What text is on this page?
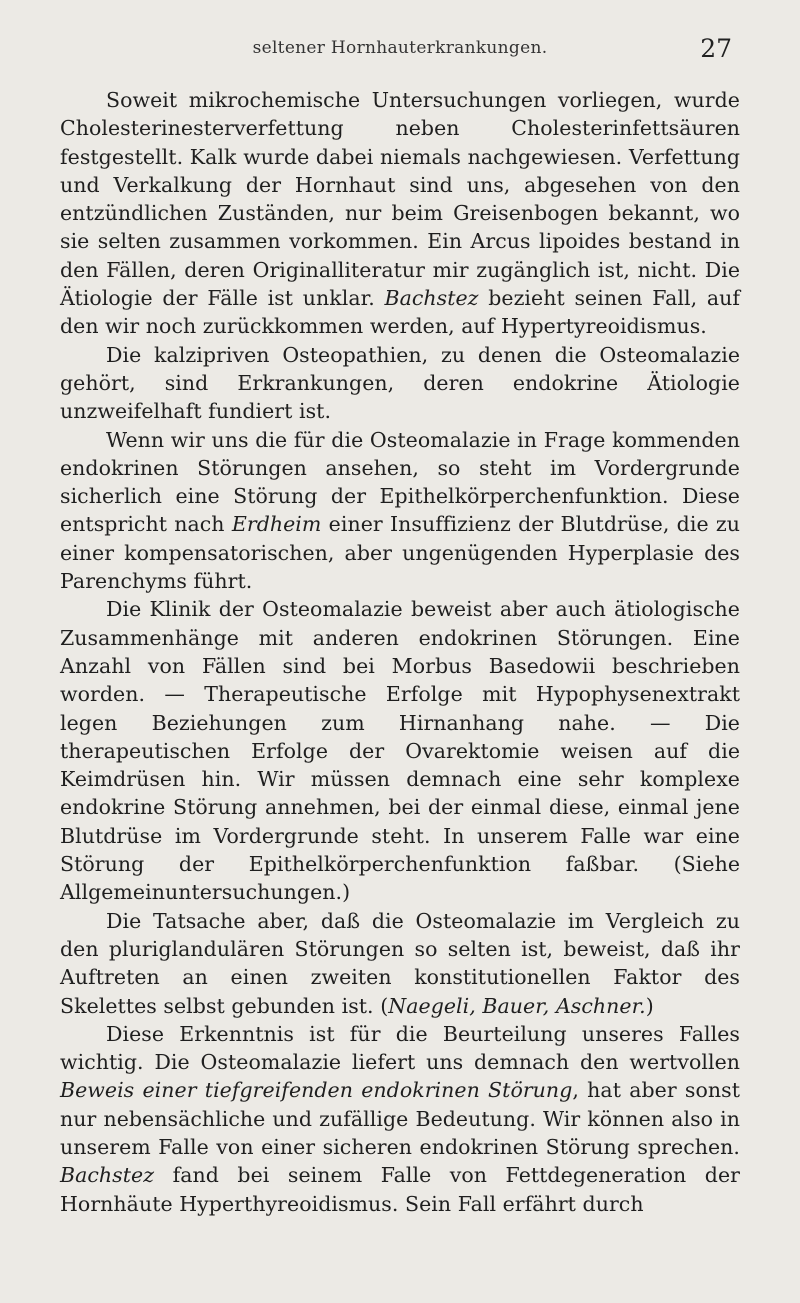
seltener Hornhauterkrankungen.	27

Soweit mikrochemische Untersuchungen vorliegen, wurde Cholesterinesterverfettung neben Cholesterinfettsäuren festgestellt. Kalk wurde dabei niemals nachgewiesen. Verfettung und Verkalkung der Hornhaut sind uns, abgesehen von den entzündlichen Zuständen, nur beim Greisenbogen bekannt, wo sie selten zusammen vorkommen. Ein Arcus lipoides bestand in den Fällen, deren Originalliteratur mir zugänglich ist, nicht. Die Ätiologie der Fälle ist unklar. Bachstez bezieht seinen Fall, auf den wir noch zurückkommen werden, auf Hypertyreoidismus.

Die kalzipriven Osteopathien, zu denen die Osteomalazie gehört, sind Erkrankungen, deren endokrine Ätiologie unzweifelhaft fundiert ist.

Wenn wir uns die für die Osteomalazie in Frage kommenden endokrinen Störungen ansehen, so steht im Vordergrunde sicherlich eine Störung der Epithelkörperchenfunktion. Diese entspricht nach Erdheim einer Insuffizienz der Blutdrüse, die zu einer kompensatorischen, aber ungenügenden Hyperplasie des Parenchyms führt.

Die Klinik der Osteomalazie beweist aber auch ätiologische Zusammenhänge mit anderen endokrinen Störungen. Eine Anzahl von Fällen sind bei Morbus Basedowii beschrieben worden. — Therapeutische Erfolge mit Hypophysenextrakt legen Beziehungen zum Hirnanhang nahe. — Die therapeutischen Erfolge der Ovarektomie weisen auf die Keimdrüsen hin. Wir müssen demnach eine sehr komplexe endokrine Störung annehmen, bei der einmal diese, einmal jene Blutdrüse im Vordergrunde steht. In unserem Falle war eine Störung der Epithelkörperchenfunktion faßbar. (Siehe Allgemeinuntersuchungen.)

Die Tatsache aber, daß die Osteomalazie im Vergleich zu den pluriglandulären Störungen so selten ist, beweist, daß ihr Auftreten an einen zweiten konstitutionellen Faktor des Skelettes selbst gebunden ist. (Naegeli, Bauer, Aschner.)

Diese Erkenntnis ist für die Beurteilung unseres Falles wichtig. Die Osteomalazie liefert uns demnach den wertvollen Beweis einer tiefgreifenden endokrinen Störung, hat aber sonst nur nebensächliche und zufällige Bedeutung. Wir können also in unserem Falle von einer sicheren endokrinen Störung sprechen. Bachstez fand bei seinem Falle von Fettdegeneration der Hornhäute Hyperthyreoidismus. Sein Fall erfährt durch
